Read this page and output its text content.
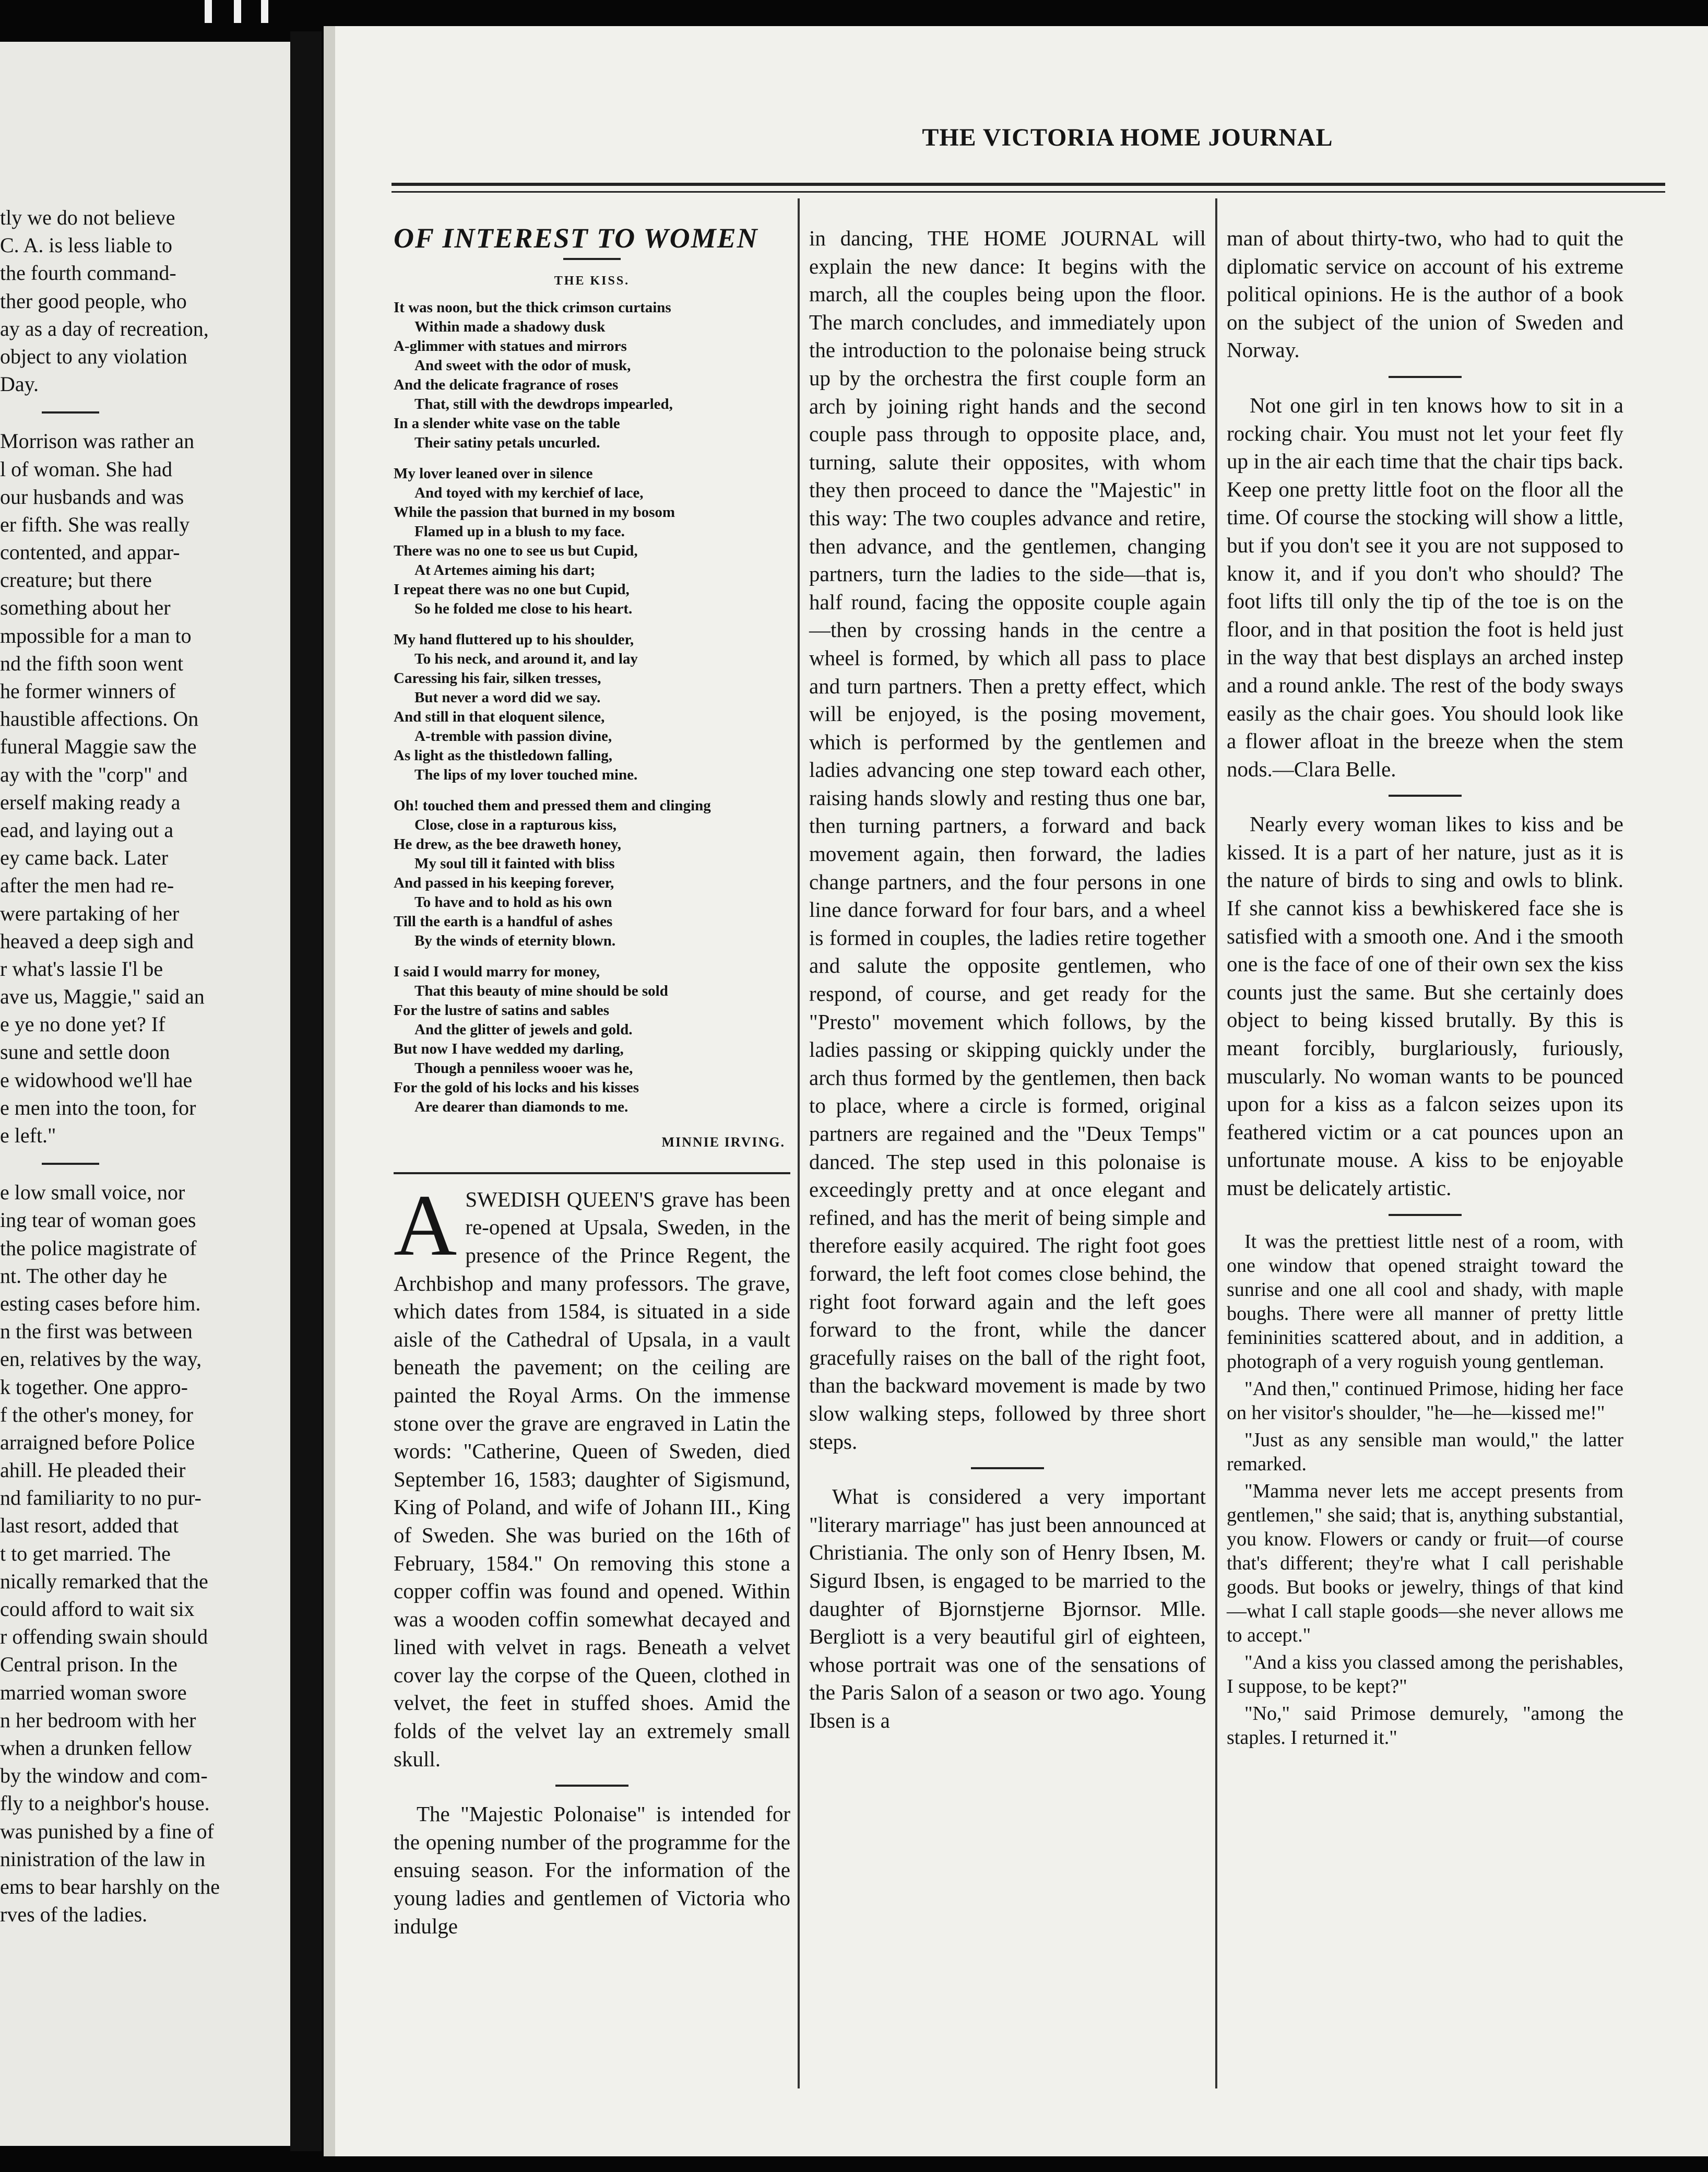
tly we do not believe
C. A. is less liable to
the fourth command-
ther good people, who
ay as a day of recreation,
object to any violation
Day.
Morrison was rather an
l of woman. She had
our husbands and was
er fifth. She was really
contented, and appar-
creature; but there
something about her
mpossible for a man to
nd the fifth soon went
he former winners of
haustible affections. On
funeral Maggie saw the
ay with the "corp" and
erself making ready a
ead, and laying out a
ey came back. Later
after the men had re-
were partaking of her
heaved a deep sigh and
r what's lassie I'l be
ave us, Maggie," said an
e ye no done yet? If
sune and settle doon
e widowhood we'll hae
e men into the toon, for
e left."
e low small voice, nor
ing tear of woman goes
the police magistrate of
nt. The other day he
esting cases before him.
n the first was between
en, relatives by the way,
k together. One appro-
f the other's money, for
arraigned before Police
ahill. He pleaded their
nd familiarity to no pur-
last resort, added that
t to get married. The
nically remarked that the
could afford to wait six
r offending swain should
Central prison. In the
married woman swore
n her bedroom with her
when a drunken fellow
by the window and com-
fly to a neighbor's house.
was punished by a fine of
ninistration of the law in
ems to bear harshly on the
rves of the ladies.
THE VICTORIA HOME JOURNAL
OF INTEREST TO WOMEN
THE KISS.
It was noon, but the thick crimson curtains
Within made a shadowy dusk
A-glimmer with statues and mirrors
And sweet with the odor of musk,
And the delicate fragrance of roses
That, still with the dewdrops impearled,
In a slender white vase on the table
Their satiny petals uncurled.
My lover leaned over in silence
And toyed with my kerchief of lace,
While the passion that burned in my bosom
Flamed up in a blush to my face.
There was no one to see us but Cupid,
At Artemes aiming his dart;
I repeat there was no one but Cupid,
So he folded me close to his heart.
My hand fluttered up to his shoulder,
To his neck, and around it, and lay
Caressing his fair, silken tresses,
But never a word did we say.
And still in that eloquent silence,
A-tremble with passion divine,
As light as the thistledown falling,
The lips of my lover touched mine.
Oh! touched them and pressed them and clinging
Close, close in a rapturous kiss,
He drew, as the bee draweth honey,
My soul till it fainted with bliss
And passed in his keeping forever,
To have and to hold as his own
Till the earth is a handful of ashes
By the winds of eternity blown.
I said I would marry for money,
That this beauty of mine should be sold
For the lustre of satins and sables
And the glitter of jewels and gold.
But now I have wedded my darling,
Though a penniless wooer was he,
For the gold of his locks and his kisses
Are dearer than diamonds to me.
MINNIE IRVING.

ASWEDISH QUEEN'S grave has been re-opened at Upsala, Sweden, in the presence of the Prince Regent, the Archbishop and many professors. The grave, which dates from 1584, is situated in a side aisle of the Cathedral of Upsala, in a vault beneath the pavement; on the ceiling are painted the Royal Arms. On the immense stone over the grave are engraved in Latin the words: "Catherine, Queen of Sweden, died September 16, 1583; daughter of Sigismund, King of Poland, and wife of Johann III., King of Sweden. She was buried on the 16th of February, 1584." On removing this stone a copper coffin was found and opened. Within was a wooden coffin somewhat decayed and lined with velvet in rags. Beneath a velvet cover lay the corpse of the Queen, clothed in velvet, the feet in stuffed shoes. Amid the folds of the velvet lay an extremely small skull.

The "Majestic Polonaise" is intended for the opening number of the programme for the ensuing season. For the information of the young ladies and gentlemen of Victoria who indulge

in dancing, THE HOME JOURNAL will explain the new dance: It begins with the march, all the couples being upon the floor. The march concludes, and immediately upon the introduction to the polonaise being struck up by the orchestra the first couple form an arch by joining right hands and the second couple pass through to opposite place, and, turning, salute their opposites, with whom they then proceed to dance the "Majestic" in this way: The two couples advance and retire, then advance, and the gentlemen, changing partners, turn the ladies to the side—that is, half round, facing the opposite couple again—then by crossing hands in the centre a wheel is formed, by which all pass to place and turn partners. Then a pretty effect, which will be enjoyed, is the posing movement, which is performed by the gentlemen and ladies advancing one step toward each other, raising hands slowly and resting thus one bar, then turning partners, a forward and back movement again, then forward, the ladies change partners, and the four persons in one line dance forward for four bars, and a wheel is formed in couples, the ladies retire together and salute the opposite gentlemen, who respond, of course, and get ready for the "Presto" movement which follows, by the ladies passing or skipping quickly under the arch thus formed by the gentlemen, then back to place, where a circle is formed, original partners are regained and the "Deux Temps" danced. The step used in this polonaise is exceedingly pretty and at once elegant and refined, and has the merit of being simple and therefore easily acquired. The right foot goes forward, the left foot comes close behind, the right foot forward again and the left goes forward to the front, while the dancer gracefully raises on the ball of the right foot, than the backward movement is made by two slow walking steps, followed by three short steps.

What is considered a very important "literary marriage" has just been announced at Christiania. The only son of Henry Ibsen, M. Sigurd Ibsen, is engaged to be married to the daughter of Bjornstjerne Bjornsor. Mlle. Bergliott is a very beautiful girl of eighteen, whose portrait was one of the sensations of the Paris Salon of a season or two ago. Young Ibsen is a

man of about thirty-two, who had to quit the diplomatic service on account of his extreme political opinions. He is the author of a book on the subject of the union of Sweden and Norway.

Not one girl in ten knows how to sit in a rocking chair. You must not let your feet fly up in the air each time that the chair tips back. Keep one pretty little foot on the floor all the time. Of course the stocking will show a little, but if you don't see it you are not supposed to know it, and if you don't who should? The foot lifts till only the tip of the toe is on the floor, and in that position the foot is held just in the way that best displays an arched instep and a round ankle. The rest of the body sways easily as the chair goes. You should look like a flower afloat in the breeze when the stem nods.—Clara Belle.

Nearly every woman likes to kiss and be kissed. It is a part of her nature, just as it is the nature of birds to sing and owls to blink. If she cannot kiss a bewhiskered face she is satisfied with a smooth one. And i the smooth one is the face of one of their own sex the kiss counts just the same. But she certainly does object to being kissed brutally. By this is meant forcibly, burglariously, furiously, muscularly. No woman wants to be pounced upon for a kiss as a falcon seizes upon its feathered victim or a cat pounces upon an unfortunate mouse. A kiss to be enjoyable must be delicately artistic.

It was the prettiest little nest of a room, with one window that opened straight toward the sunrise and one all cool and shady, with maple boughs. There were all manner of pretty little femininities scattered about, and in addition, a photograph of a very roguish young gentleman.

"And then," continued Primose, hiding her face on her visitor's shoulder, "he—he—kissed me!"

"Just as any sensible man would," the latter remarked.

"Mamma never lets me accept presents from gentlemen," she said; that is, anything substantial, you know. Flowers or candy or fruit—of course that's different; they're what I call perishable goods. But books or jewelry, things of that kind—what I call staple goods—she never allows me to accept."

"And a kiss you classed among the perishables, I suppose, to be kept?"

"No," said Primose demurely, "among the staples. I returned it."
